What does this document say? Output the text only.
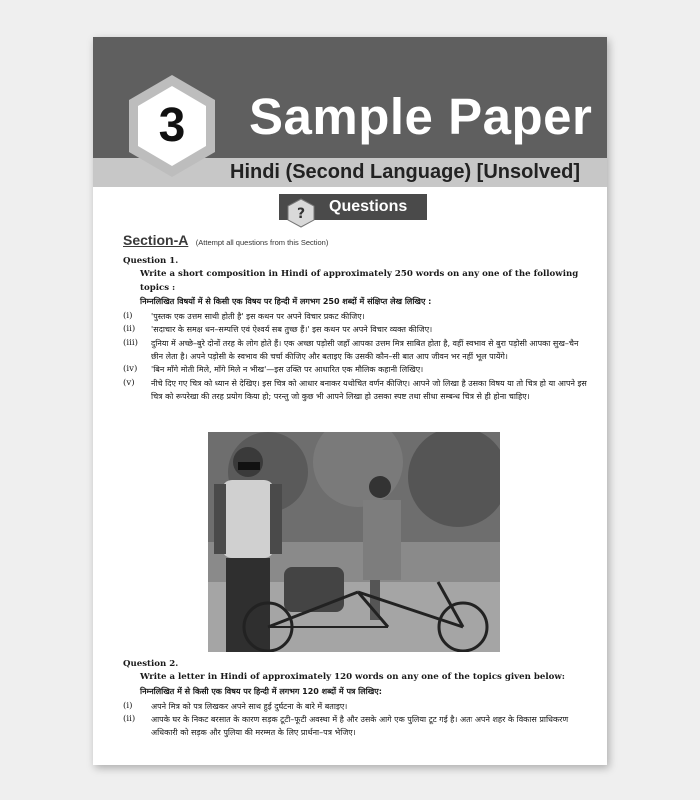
3	Sample Paper
Hindi (Second Language) [Unsolved]
? Questions
Section-A (Attempt all questions from this Section)

Question 1.

Write a short composition in Hindi of approximately 250 words on any one of the following topics :

निम्नलिखित विषयों में से किसी एक विषय पर हिन्दी में लगभग 250 शब्दों में संक्षिप्त लेख लिखिए :

(i)	'पुस्तक एक उत्तम साथी होती है' इस कथन पर अपने विचार प्रकट कीजिए।
(ii)	'सदाचार के समक्ष धन–सम्पत्ति एवं ऐश्वर्य सब तुच्छ हैं।' इस कथन पर अपने विचार व्यक्त कीजिए।
(iii)	दुनिया में अच्छे–बुरे दोनों तरह के लोग होते हैं। एक अच्छा पड़ोसी जहाँ आपका उत्तम मित्र साबित होता है, वहीं स्वभाव से बुरा पड़ोसी आपका सुख–चैन छीन लेता है। अपने पड़ोसी के स्वभाव की चर्चा कीजिए और बताइए कि उसकी कौन–सी बात आप जीवन भर नहीं भूल पायेंगे।
(iv)	'बिन माँगे मोती मिले, माँगे मिले न भीख'—इस उक्ति पर आधारित एक मौलिक कहानी लिखिए।
(v)	नीचे दिए गए चित्र को ध्यान से देखिए। इस चित्र को आधार बनाकर यथोचित वर्णन कीजिए। आपने जो लिखा है उसका विषय या तो चित्र हो या आपने इस चित्र को रूपरेखा की तरह प्रयोग किया हो; परन्तु जो कुछ भी आपने लिखा हो उसका स्पष्ट तथा सीधा सम्बन्ध चित्र से ही होना चाहिए।

Question 2.

Write a letter in Hindi of approximately 120 words on any one of the topics given below:

निम्नलिखित में से किसी एक विषय पर हिन्दी में लगभग 120 शब्दों में पत्र लिखिए:

(i)	अपने मित्र को पत्र लिखकर अपने साथ हुई दुर्घटना के बारे में बताइए।
(ii)	आपके घर के निकट बरसात के कारण सड़क टूटी–फूटी अवस्था में है और उसके आगे एक पुलिया टूट गई है। अतः अपने शहर के विकास प्राधिकरण अधिकारी को सड़क और पुलिया की मरम्मत के लिए प्रार्थना–पत्र भेजिए।
